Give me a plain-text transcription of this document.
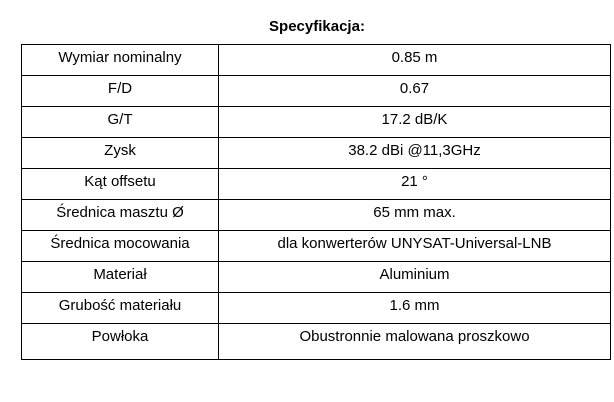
Specyfikacja:
Wymiar nominalny	0.85 m
F/D	0.67
G/T	17.2 dB/K
Zysk	38.2 dBi @11,3GHz
Kąt offsetu	21 °
Średnica masztu Ø	65 mm max.
Średnica mocowania	dla konwerterów UNYSAT-Universal-LNB
Materiał	Aluminium
Grubość materiału	1.6 mm
Powłoka	Obustronnie malowana proszkowo
